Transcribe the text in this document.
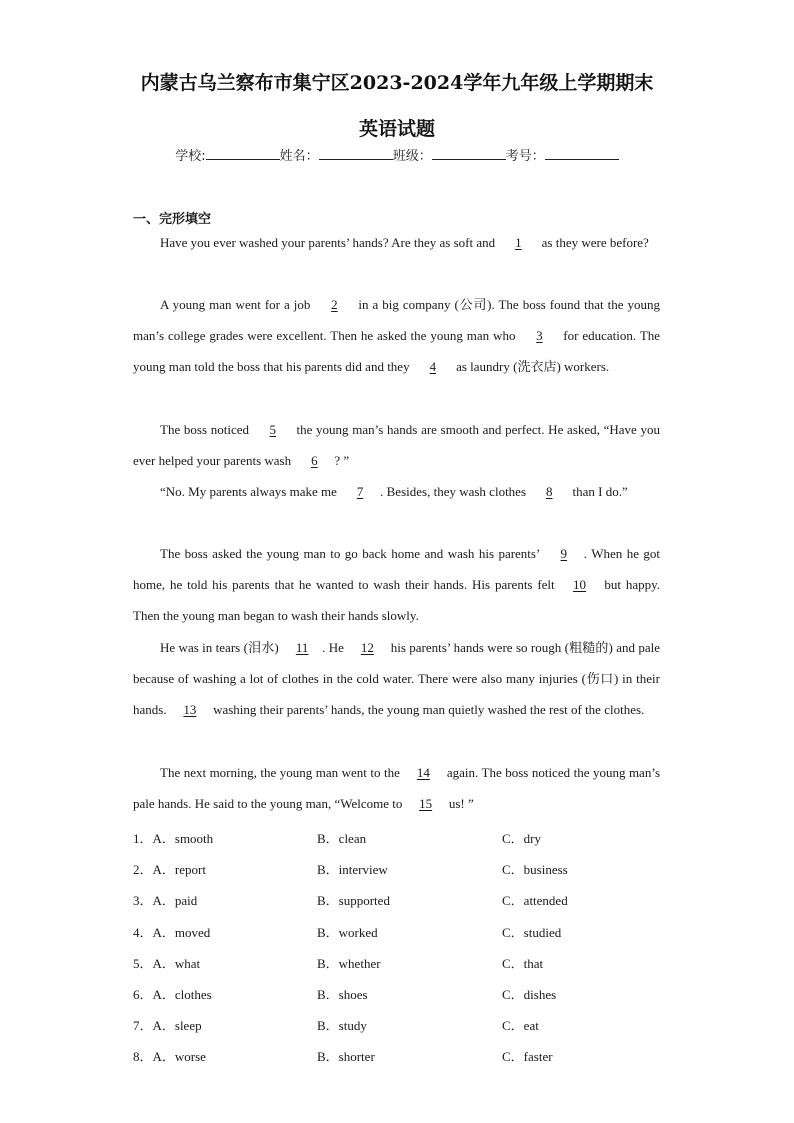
内蒙古乌兰察布市集宁区2023-2024学年九年级上学期期末
英语试题
学校:	姓名：	班级：	考号：
一、完形填空
Have you ever washed your parents’ hands? Are they as soft and 1 as they were before?
A young man went for a job 2 in a big company (公司). The boss found that the young man’s college grades were excellent. Then he asked the young man who 3 for education. The young man told the boss that his parents did and they 4 as laundry (洗衣店) workers.
The boss noticed 5 the young man’s hands are smooth and perfect. He asked, “Have you ever helped your parents wash 6 ? ”
“No. My parents always make me 7 . Besides, they wash clothes 8 than I do.”
The boss asked the young man to go back home and wash his parents’ 9 . When he got home, he told his parents that he wanted to wash their hands. His parents felt 10 but happy. Then the young man began to wash their hands slowly.
He was in tears (泪水) 11 . He 12 his parents’ hands were so rough (粗糙的) and pale because of washing a lot of clothes in the cold water. There were also many injuries (伤口) in their hands. 13 washing their parents’ hands, the young man quietly washed the rest of the clothes.
The next morning, the young man went to the 14 again. The boss noticed the young man’s pale hands. He said to the young man, “Welcome to 15 us! ”
1．A．smooth	B．clean	C．dry
2．A．report	B．interview	C．business
3．A．paid	B．supported	C．attended
4．A．moved	B．worked	C．studied
5．A．what	B．whether	C．that
6．A．clothes	B．shoes	C．dishes
7．A．sleep	B．study	C．eat
8．A．worse	B．shorter	C．faster
